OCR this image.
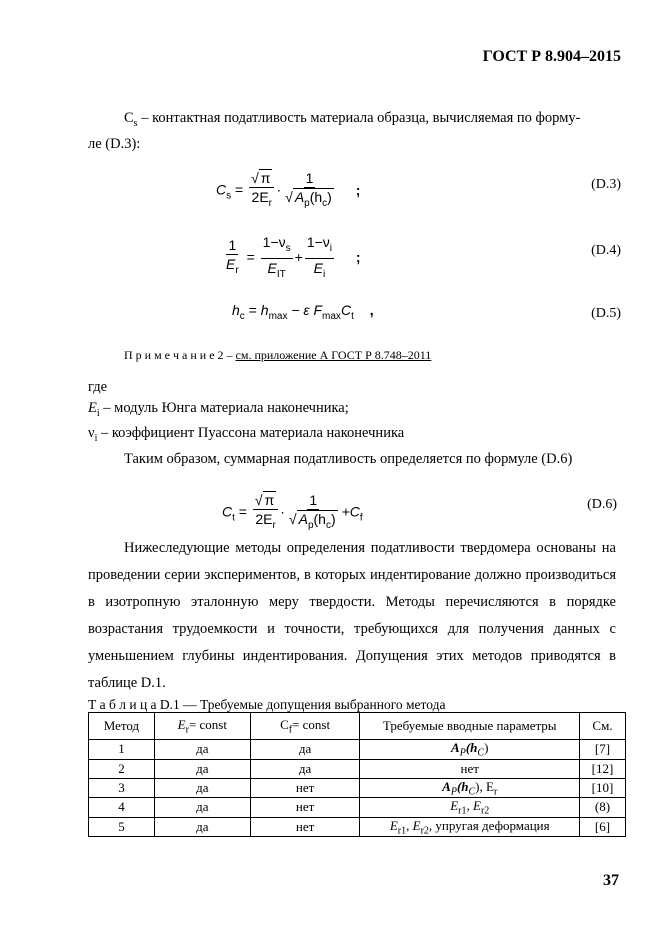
ГОСТ Р 8.904–2015
$C_s$ – контактная податливость материала образца, вычисляемая по форму-
ле (D.3):
$C_s = \frac{√ \pi}{2E_r} \cdot \frac{1}{√ A_p(h_c)}$ ;	(D.3)
$\frac{1}{E_r} = \frac{1-\nu_s}{E_{IT}} + \frac{1-\nu_i}{E_i}$ ;	(D.4)
$h_c = h_{max} - \varepsilon$ $F_{max}C_t$ ,	(D.5)
П р и м е ч а н и е 2 – см. приложение А ГОСТ Р 8.748–2011
где
$E_i$ – модуль Юнга материала наконечника;
$\nu_i$ – коэффициент Пуассона материала наконечника
Таким образом, суммарная податливость определяется по формуле (D.6)
$C_t = \frac{√ \pi}{2E_r} \cdot \frac{1}{√ A_p(h_c)} +C_f$
(D.6)
Нижеследующие методы определения податливости твердомера основаны на проведении серии экспериментов, в которых индентирование должно производиться в изотропную эталонную меру твердости. Методы перечисляются в порядке возрастания трудоемкости и точности, требующихся для получения данных с уменьшением глубины индентирования. Допущения этих методов приводятся в таблице D.1.
Т а б л и ц а D.1 — Требуемые допущения выбранного метода
Метод	$E_r=$ const	$C_f=$ const	Требуемые вводные параметры	См.
1	да	да	$A_P(h_C)$	[7]
2	да	да	нет	[12]
3	да	нет	$A_P(h_C)$, $E_r$	[10]
4	да	нет	$E_{r1}$, $E_{r2}$	(8)
5	да	нет	$E_{r1}$, $E_{r2}$, упругая деформация	[6]
37
